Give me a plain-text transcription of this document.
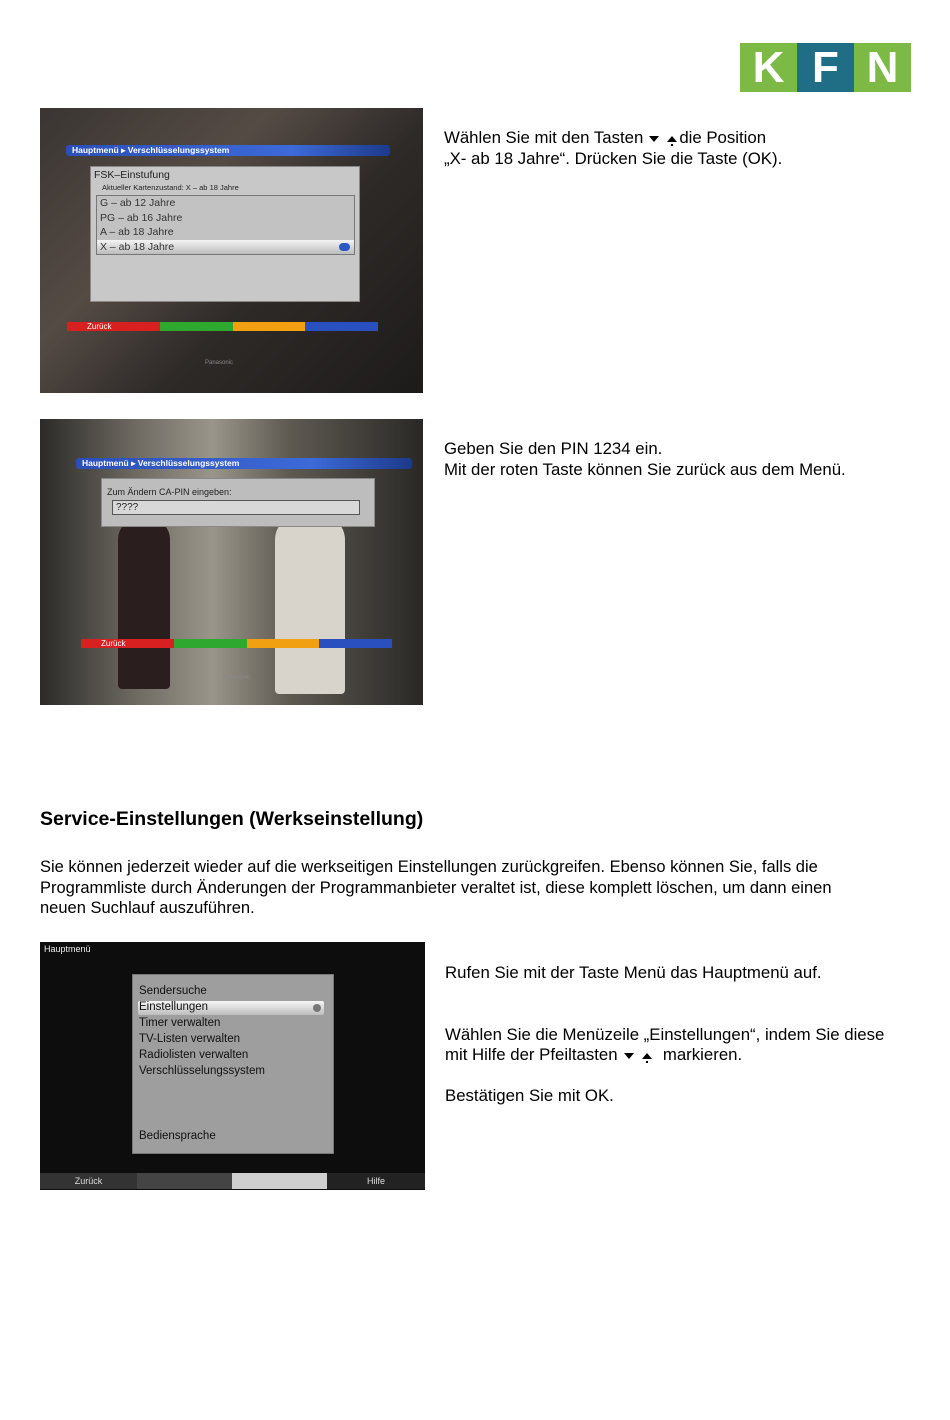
K F N
Hauptmenü ▸ Verschlüsselungssystem
FSK–Einstufung
Aktueller Kartenzustand: X – ab 18 Jahre
G – ab 12 Jahre
PG – ab 16 Jahre
A – ab 18 Jahre
X – ab 18 Jahre
Zurück
Panasonic
Wählen Sie mit den Tasten die Position
„X- ab 18 Jahre“. Drücken Sie die Taste (OK).
Hauptmenü ▸ Verschlüsselungssystem
Zum Ändern CA-PIN eingeben:
????
Zurück
Panasonic
Geben Sie den PIN 1234 ein.
Mit der roten Taste können Sie zurück aus dem Menü.
Service-Einstellungen (Werkseinstellung)
Sie können jederzeit wieder auf die werkseitigen Einstellungen zurückgreifen. Ebenso können Sie, falls die
Programmliste durch Änderungen der Programmanbieter veraltet ist, diese komplett löschen, um dann einen
neuen Suchlauf auszuführen.
Hauptmenü
Sendersuche
Einstellungen
Timer verwalten
TV-Listen verwalten
Radiolisten verwalten
Verschlüsselungssystem
Bediensprache
Zurück	Hilfe
Rufen Sie mit der Taste Menü das Hauptmenü auf.
Wählen Sie die Menüzeile „Einstellungen“, indem Sie diese
mit Hilfe der Pfeiltasten	markieren.
Bestätigen Sie mit OK.
